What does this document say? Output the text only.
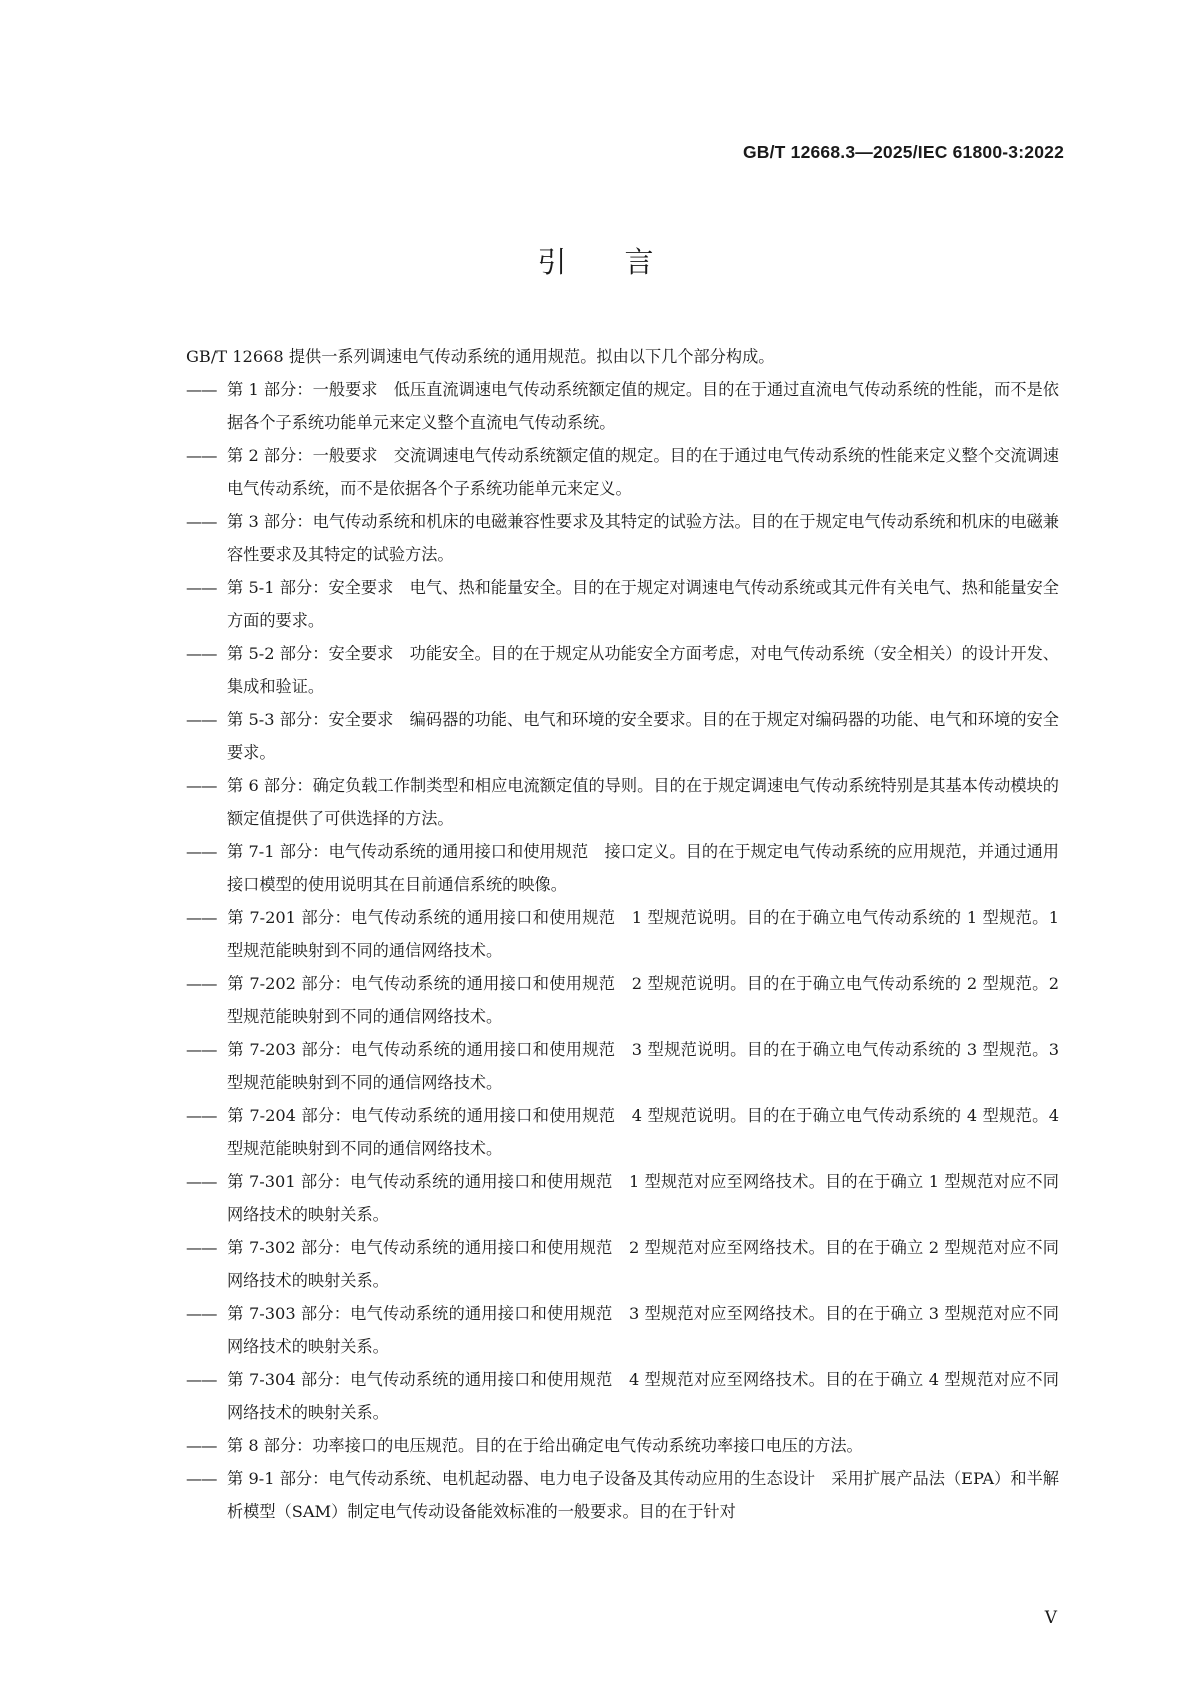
GB/T 12668.3—2025/IEC 61800-3:2022
引言

GB/T 12668 提供一系列调速电气传动系统的通用规范。拟由以下几个部分构成。

—— 第 1 部分：一般要求　低压直流调速电气传动系统额定值的规定。目的在于通过直流电气传动系统的性能，而不是依据各个子系统功能单元来定义整个直流电气传动系统。
—— 第 2 部分：一般要求　交流调速电气传动系统额定值的规定。目的在于通过电气传动系统的性能来定义整个交流调速电气传动系统，而不是依据各个子系统功能单元来定义。
—— 第 3 部分：电气传动系统和机床的电磁兼容性要求及其特定的试验方法。目的在于规定电气传动系统和机床的电磁兼容性要求及其特定的试验方法。
—— 第 5-1 部分：安全要求　电气、热和能量安全。目的在于规定对调速电气传动系统或其元件有关电气、热和能量安全方面的要求。
—— 第 5-2 部分：安全要求　功能安全。目的在于规定从功能安全方面考虑，对电气传动系统（安全相关）的设计开发、集成和验证。
—— 第 5-3 部分：安全要求　编码器的功能、电气和环境的安全要求。目的在于规定对编码器的功能、电气和环境的安全要求。
—— 第 6 部分：确定负载工作制类型和相应电流额定值的导则。目的在于规定调速电气传动系统特别是其基本传动模块的额定值提供了可供选择的方法。
—— 第 7-1 部分：电气传动系统的通用接口和使用规范　接口定义。目的在于规定电气传动系统的应用规范，并通过通用接口模型的使用说明其在目前通信系统的映像。
—— 第 7-201 部分：电气传动系统的通用接口和使用规范　1 型规范说明。目的在于确立电气传动系统的 1 型规范。1 型规范能映射到不同的通信网络技术。
—— 第 7-202 部分：电气传动系统的通用接口和使用规范　2 型规范说明。目的在于确立电气传动系统的 2 型规范。2 型规范能映射到不同的通信网络技术。
—— 第 7-203 部分：电气传动系统的通用接口和使用规范　3 型规范说明。目的在于确立电气传动系统的 3 型规范。3 型规范能映射到不同的通信网络技术。
—— 第 7-204 部分：电气传动系统的通用接口和使用规范　4 型规范说明。目的在于确立电气传动系统的 4 型规范。4 型规范能映射到不同的通信网络技术。
—— 第 7-301 部分：电气传动系统的通用接口和使用规范　1 型规范对应至网络技术。目的在于确立 1 型规范对应不同网络技术的映射关系。
—— 第 7-302 部分：电气传动系统的通用接口和使用规范　2 型规范对应至网络技术。目的在于确立 2 型规范对应不同网络技术的映射关系。
—— 第 7-303 部分：电气传动系统的通用接口和使用规范　3 型规范对应至网络技术。目的在于确立 3 型规范对应不同网络技术的映射关系。
—— 第 7-304 部分：电气传动系统的通用接口和使用规范　4 型规范对应至网络技术。目的在于确立 4 型规范对应不同网络技术的映射关系。
—— 第 8 部分：功率接口的电压规范。目的在于给出确定电气传动系统功率接口电压的方法。
—— 第 9-1 部分：电气传动系统、电机起动器、电力电子设备及其传动应用的生态设计　采用扩展产品法（EPA）和半解析模型（SAM）制定电气传动设备能效标准的一般要求。目的在于针对
V
